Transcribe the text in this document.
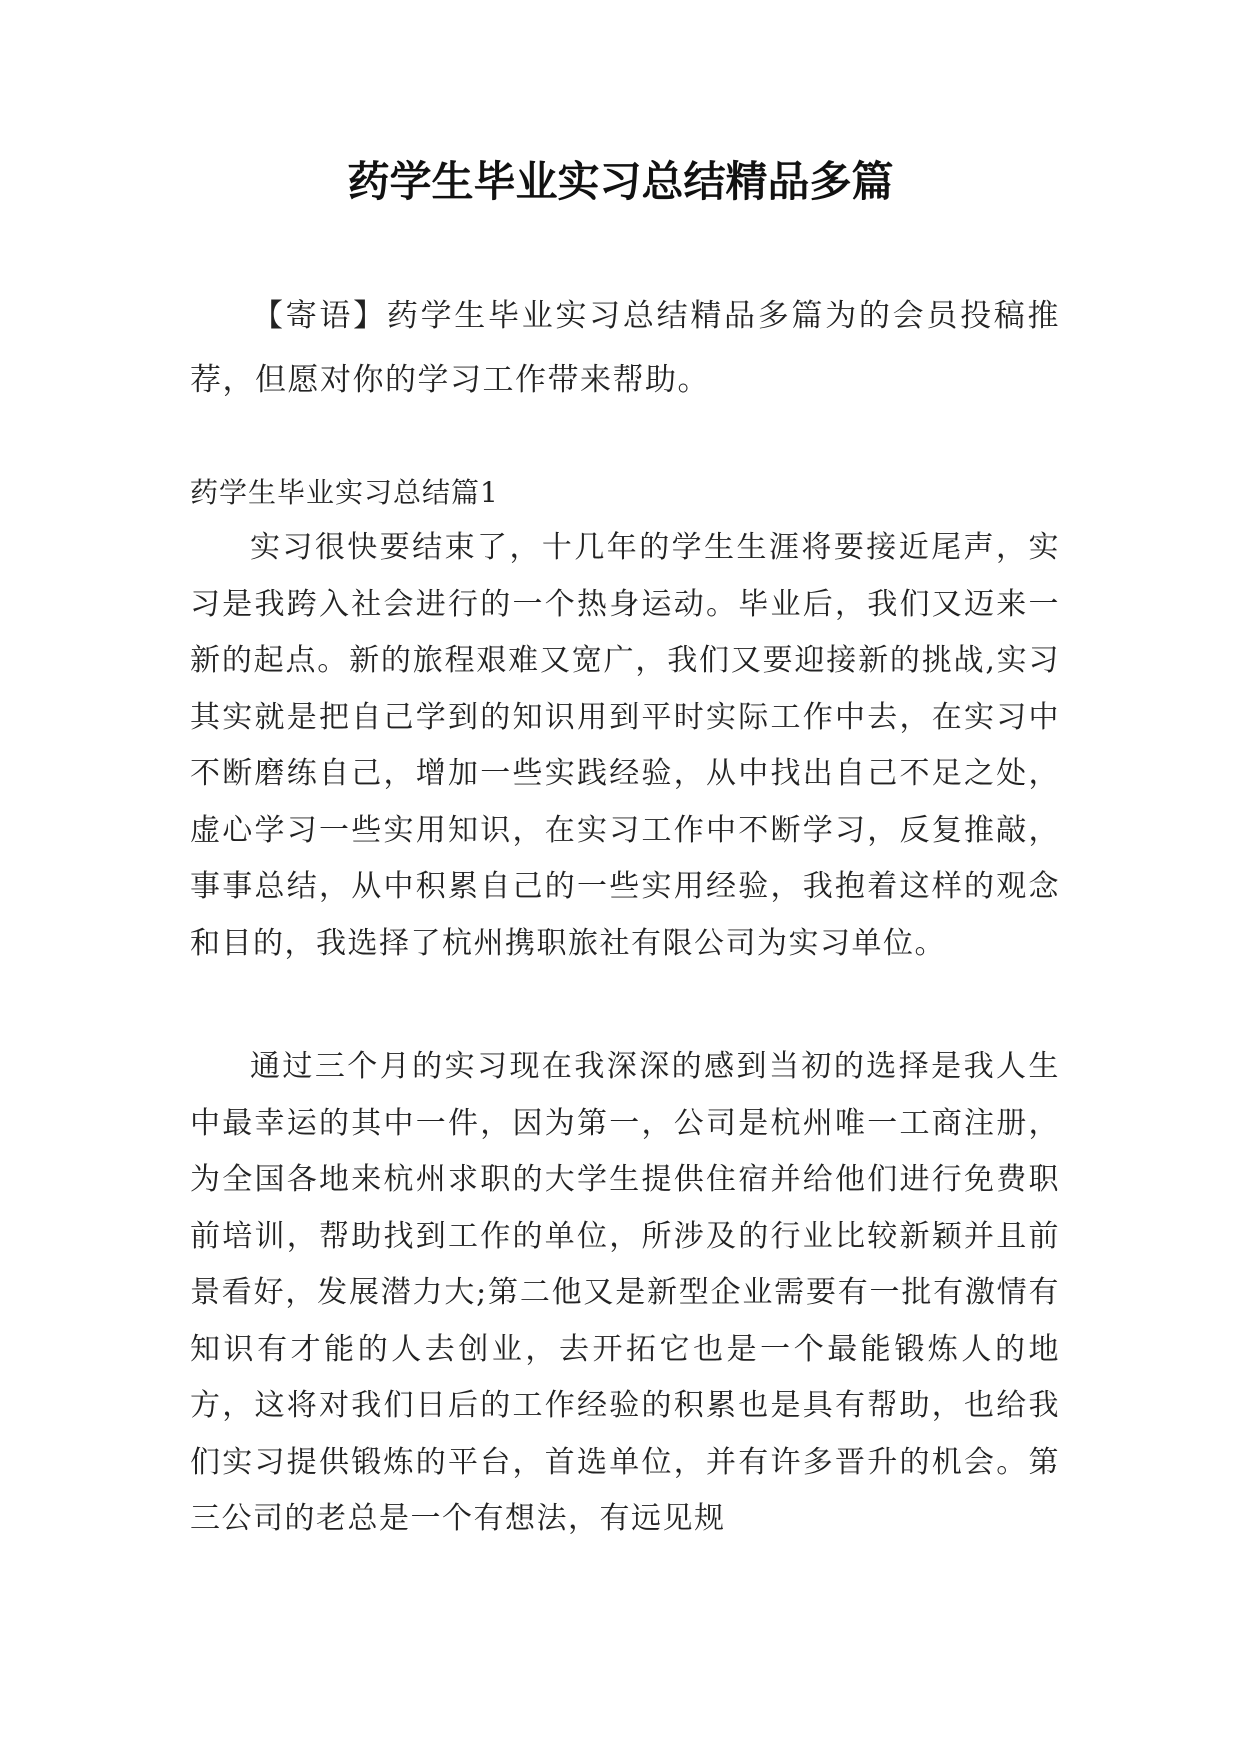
药学生毕业实习总结精品多篇

【寄语】药学生毕业实习总结精品多篇为的会员投稿推荐，但愿对你的学习工作带来帮助。

药学生毕业实习总结篇1

实习很快要结束了，十几年的学生生涯将要接近尾声，实习是我跨入社会进行的一个热身运动。毕业后，我们又迈来一新的起点。新的旅程艰难又宽广，我们又要迎接新的挑战,实习其实就是把自己学到的知识用到平时实际工作中去，在实习中不断磨练自己，增加一些实践经验，从中找出自己不足之处，虚心学习一些实用知识，在实习工作中不断学习，反复推敲，事事总结，从中积累自己的一些实用经验，我抱着这样的观念和目的，我选择了杭州携职旅社有限公司为实习单位。

通过三个月的实习现在我深深的感到当初的选择是我人生中最幸运的其中一件，因为第一，公司是杭州唯一工商注册，为全国各地来杭州求职的大学生提供住宿并给他们进行免费职前培训，帮助找到工作的单位，所涉及的行业比较新颖并且前景看好，发展潜力大;第二他又是新型企业需要有一批有激情有知识有才能的人去创业，去开拓它也是一个最能锻炼人的地方，这将对我们日后的工作经验的积累也是具有帮助，也给我们实习提供锻炼的平台，首选单位，并有许多晋升的机会。第三公司的老总是一个有想法，有远见规
